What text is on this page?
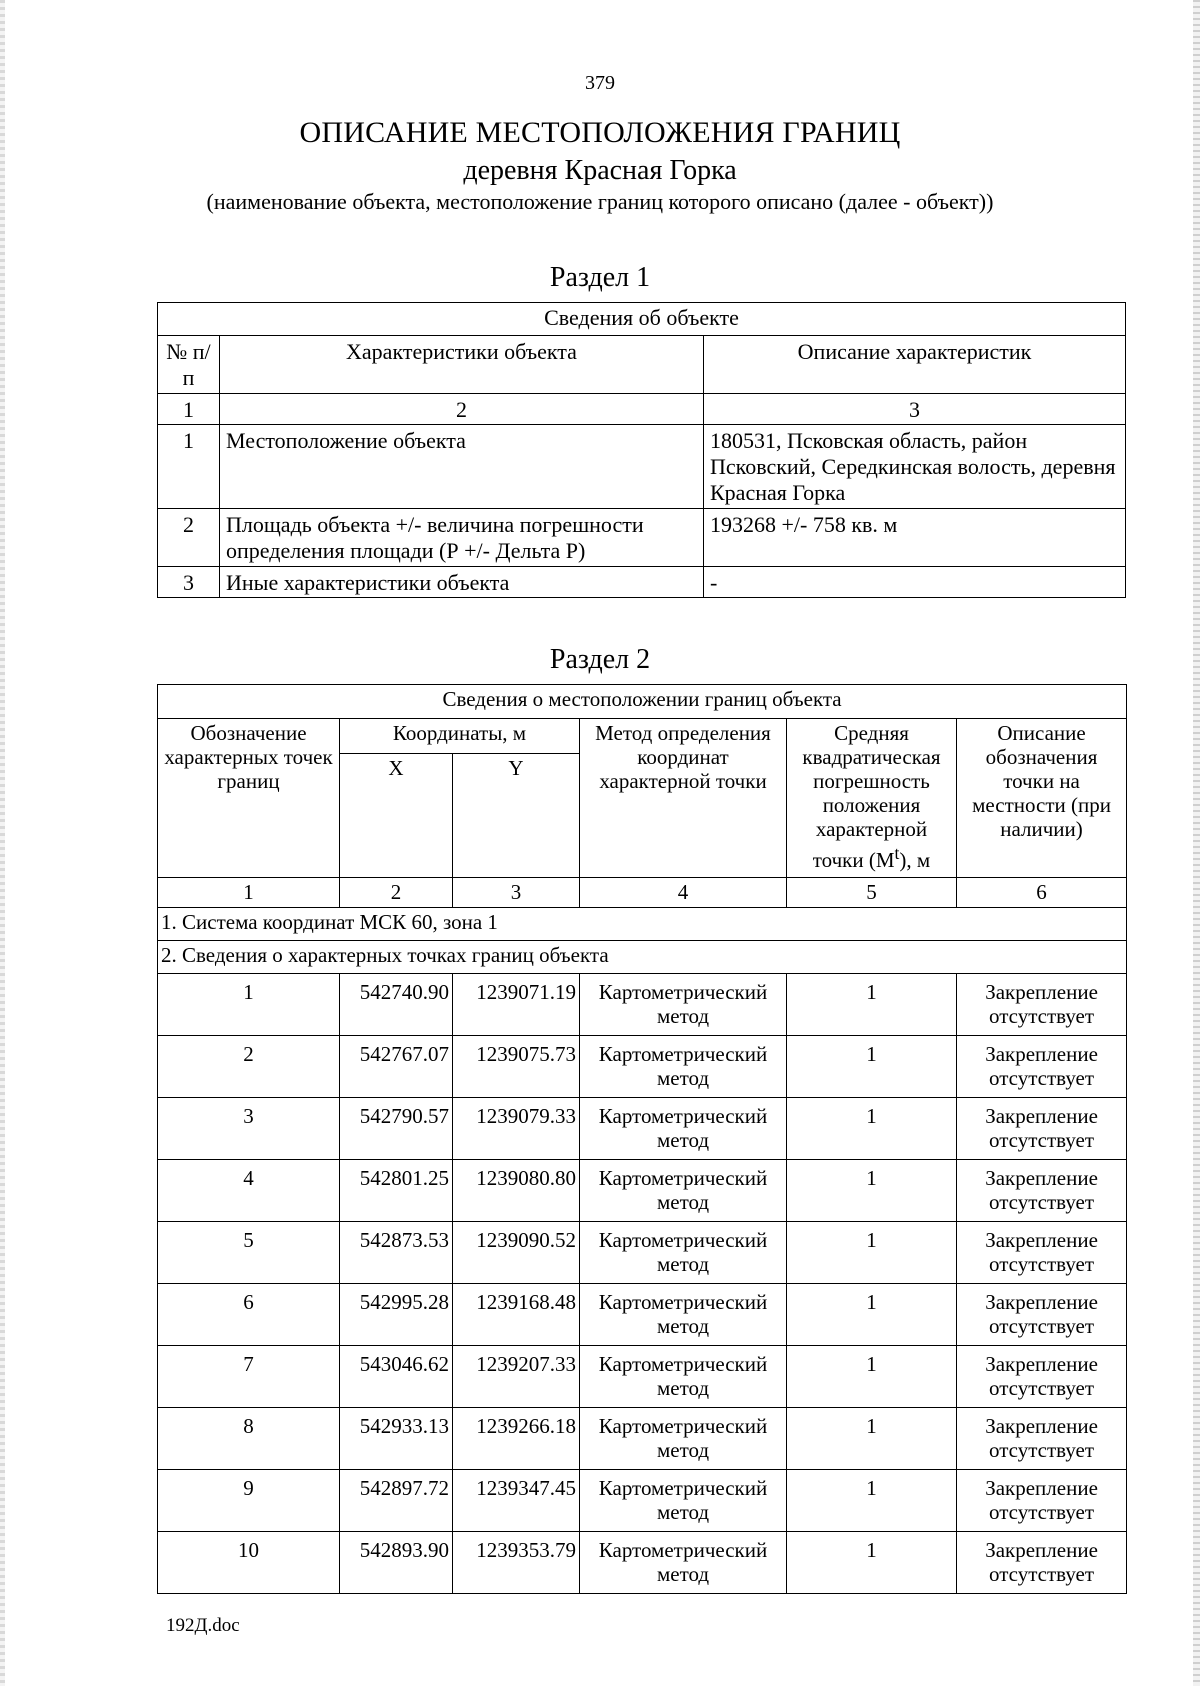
379
ОПИСАНИЕ МЕСТОПОЛОЖЕНИЯ ГРАНИЦ
деревня Красная Горка
(наименование объекта, местоположение границ которого описано (далее - объект))
Раздел 1
Сведения об объекте		
№ п/п	Характеристики объекта	Описание характеристик
1	2	3
1	Местоположение объекта	180531, Псковская область, район Псковский, Середкинская волость, деревня Красная Горка
2	Площадь объекта +/- величина погрешности определения площади (Р +/- Дельта Р)	193268 +/- 758 кв. м
3	Иные характеристики объекта	-
Раздел 2
Сведения о местоположении границ объекта					
Обозначение характерных точек границ	Координаты, м		Метод определения координат характерной точки	Средняя квадратическая погрешность положения характерной точки $(М^t)$, м	Описание обозначения точки на местности (при наличии)
	X	Y			
1	2	3	4	5	6
1. Система координат МСК 60, зона 1					
2. Сведения о характерных точках границ объекта					
1	542740.90	1239071.19	Картометрический метод	1	Закрепление отсутствует
2	542767.07	1239075.73	Картометрический метод	1	Закрепление отсутствует
3	542790.57	1239079.33	Картометрический метод	1	Закрепление отсутствует
4	542801.25	1239080.80	Картометрический метод	1	Закрепление отсутствует
5	542873.53	1239090.52	Картометрический метод	1	Закрепление отсутствует
6	542995.28	1239168.48	Картометрический метод	1	Закрепление отсутствует
7	543046.62	1239207.33	Картометрический метод	1	Закрепление отсутствует
8	542933.13	1239266.18	Картометрический метод	1	Закрепление отсутствует
9	542897.72	1239347.45	Картометрический метод	1	Закрепление отсутствует
10	542893.90	1239353.79	Картометрический метод	1	Закрепление отсутствует
192Д.doc
